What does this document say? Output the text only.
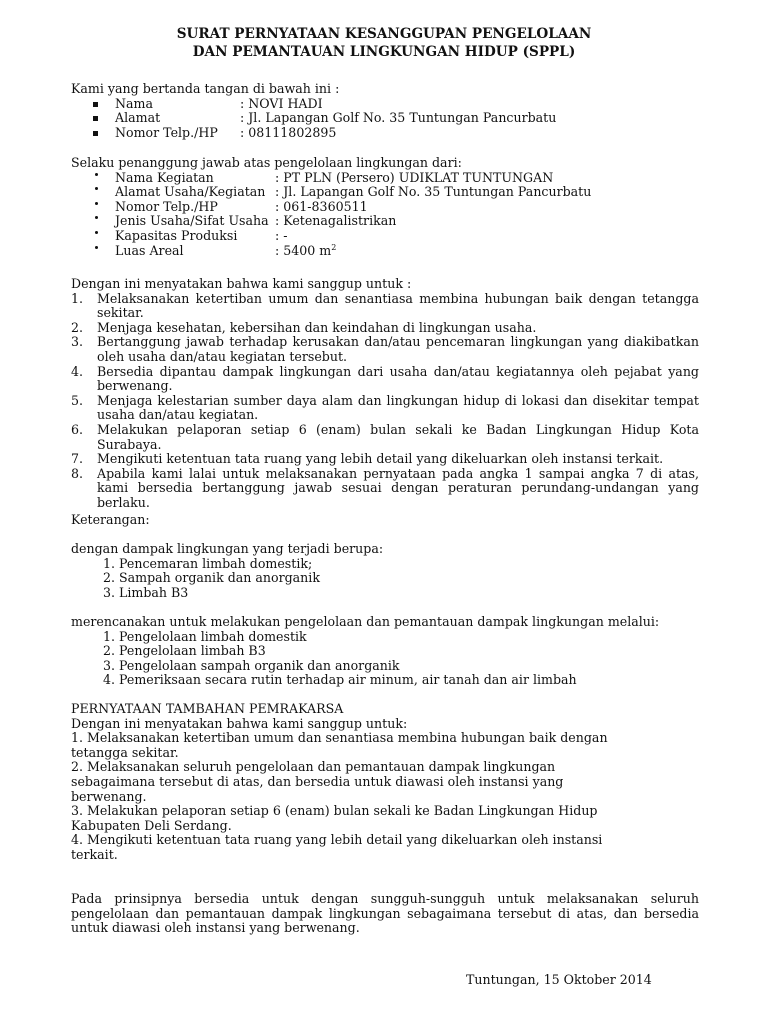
SURAT PERNYATAAN KESANGGUPAN PENGELOLAAN
DAN PEMANTAUAN LINGKUNGAN HIDUP (SPPL)
Kami yang bertanda tangan di bawah ini :
Nama	: NOVI HADI
Alamat	: Jl. Lapangan Golf No. 35 Tuntungan Pancurbatu
Nomor Telp./HP	: 08111802895
Selaku penanggung jawab atas pengelolaan lingkungan dari:
Nama Kegiatan	: PT PLN (Persero) UDIKLAT TUNTUNGAN
Alamat Usaha/Kegiatan : Jl. Lapangan Golf No. 35 Tuntungan Pancurbatu
Nomor Telp./HP	: 061-8360511
Jenis Usaha/Sifat Usaha : Ketenagalistrikan
Kapasitas Produksi	: -
Luas Areal	: 5400 $m^2$
Dengan ini menyatakan bahwa kami sanggup untuk :
1.	Melaksanakan ketertiban umum dan senantiasa membina hubungan baik dengan tetangga sekitar.
2.	Menjaga kesehatan, kebersihan dan keindahan di lingkungan usaha.
3.	Bertanggung jawab terhadap kerusakan dan/atau pencemaran lingkungan yang diakibatkan oleh usaha dan/atau kegiatan tersebut.
4.	Bersedia dipantau dampak lingkungan dari usaha dan/atau kegiatannya oleh pejabat yang berwenang.
5.	Menjaga kelestarian sumber daya alam dan lingkungan hidup di lokasi dan disekitar tempat usaha dan/atau kegiatan.
6.	Melakukan pelaporan setiap 6 (enam) bulan sekali ke Badan Lingkungan Hidup Kota Surabaya.
7.	Mengikuti ketentuan tata ruang yang lebih detail yang dikeluarkan oleh instansi terkait.
8.	Apabila kami lalai untuk melaksanakan pernyataan pada angka 1 sampai angka 7 di atas, kami bersedia bertanggung jawab sesuai dengan peraturan perundang-undangan yang berlaku.
Keterangan:
dengan dampak lingkungan yang terjadi berupa:
1. Pencemaran limbah domestik;
2. Sampah organik dan anorganik
3. Limbah B3
merencanakan untuk melakukan pengelolaan dan pemantauan dampak lingkungan melalui:
1. Pengelolaan limbah domestik
2. Pengelolaan limbah B3
3. Pengelolaan sampah organik dan anorganik
4. Pemeriksaan secara rutin terhadap air minum, air tanah dan air limbah
PERNYATAAN TAMBAHAN PEMRAKARSA
Dengan ini menyatakan bahwa kami sanggup untuk:
1. Melaksanakan ketertiban umum dan senantiasa membina hubungan baik dengan
tetangga sekitar.
2. Melaksanakan seluruh pengelolaan dan pemantauan dampak lingkungan
sebagaimana tersebut di atas, dan bersedia untuk diawasi oleh instansi yang
berwenang.
3. Melakukan pelaporan setiap 6 (enam) bulan sekali ke Badan Lingkungan Hidup
Kabupaten Deli Serdang.
4. Mengikuti ketentuan tata ruang yang lebih detail yang dikeluarkan oleh instansi
terkait.
Pada prinsipnya bersedia untuk dengan sungguh-sungguh untuk melaksanakan seluruh pengelolaan dan pemantauan dampak lingkungan sebagaimana tersebut di atas, dan bersedia untuk diawasi oleh instansi yang berwenang.
Tuntungan, 15 Oktober 2014
